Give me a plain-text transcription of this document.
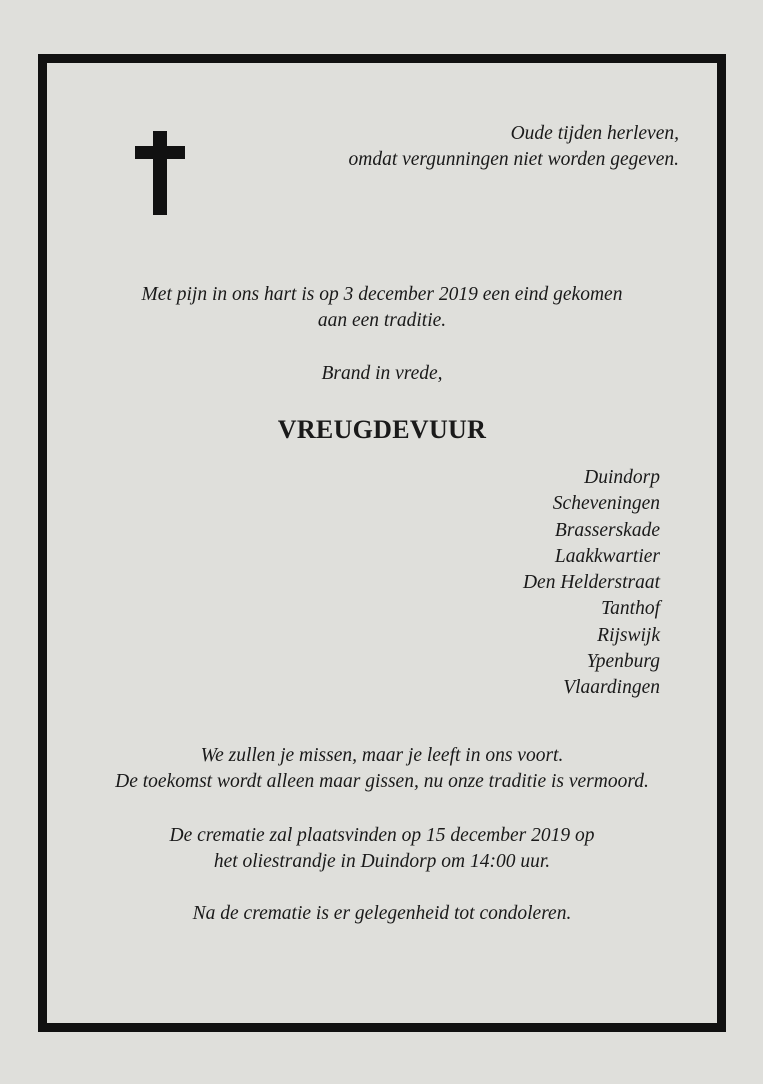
Oude tijden herleven,
omdat vergunningen niet worden gegeven.
Met pijn in ons hart is op 3 december 2019 een eind gekomen
aan een traditie.
Brand in vrede,
VREUGDEVUUR
Duindorp
Scheveningen
Brasserskade
Laakkwartier
Den Helderstraat
Tanthof
Rijswijk
Ypenburg
Vlaardingen
We zullen je missen, maar je leeft in ons voort.
De toekomst wordt alleen maar gissen, nu onze traditie is vermoord.
De crematie zal plaatsvinden op 15 december 2019 op
het oliestrandje in Duindorp om 14:00 uur.
Na de crematie is er gelegenheid tot condoleren.
